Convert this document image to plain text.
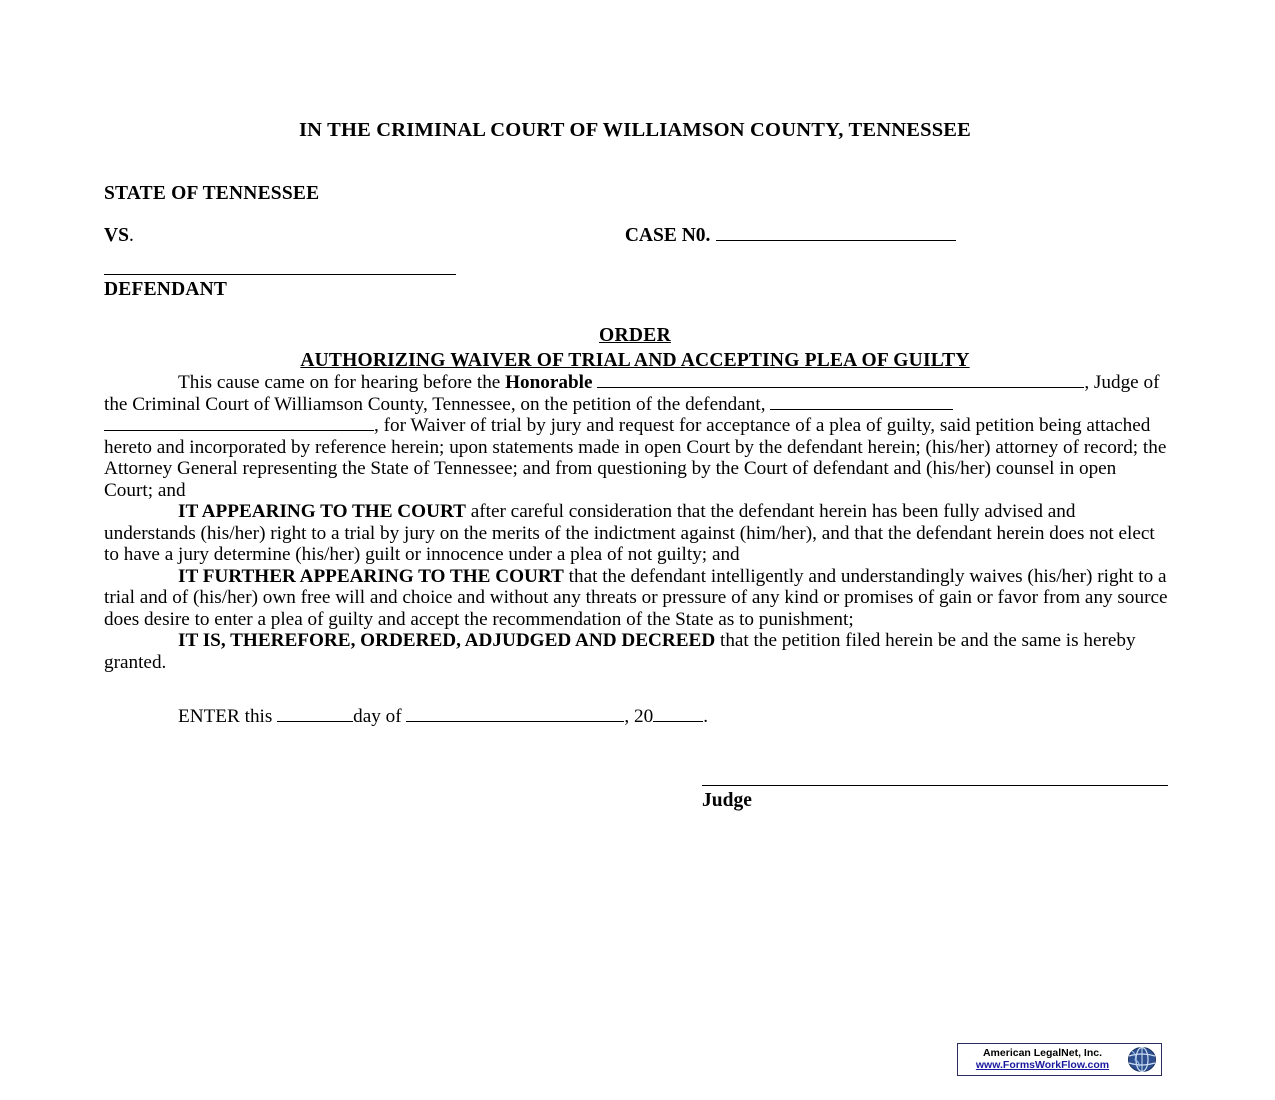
IN THE CRIMINAL COURT OF WILLIAMSON COUNTY, TENNESSEE
STATE OF TENNESSEE
VS .	CASE N0.
DEFENDANT
ORDER
AUTHORIZING WAIVER OF TRIAL AND ACCEPTING PLEA OF GUILTY

This cause came on for hearing before the Honorable	, Judge of the Criminal Court of Williamson County, Tennessee, on the petition of the defendant,  , for Waiver of trial by jury and request for acceptance of a plea of guilty, said petition being attached hereto and incorporated by reference herein; upon statements made in open Court by the defendant herein; (his/her) attorney of record; the Attorney General representing the State of Tennessee; and from questioning by the Court of defendant and (his/her) counsel in open Court; and

IT APPEARING TO THE COURT after careful consideration that the defendant herein has been fully advised and understands (his/her) right to a trial by jury on the merits of the indictment against (him/her), and that the defendant herein does not elect to have a jury determine (his/her) guilt or innocence under a plea of not guilty; and

IT FURTHER APPEARING TO THE COURT that the defendant intelligently and understandingly waives (his/her) right to a trial and of (his/her) own free will and choice and without any threats or pressure of any kind or promises of gain or favor from any source does desire to enter a plea of guilty and accept the recommendation of the State as to punishment;

IT IS, THEREFORE, ORDERED, ADJUDGED AND DECREED that the petition filed herein be and the same is hereby granted.

ENTER this	day of	, 20	.
Judge
American LegalNet, Inc.
www.FormsWorkFlow.com
